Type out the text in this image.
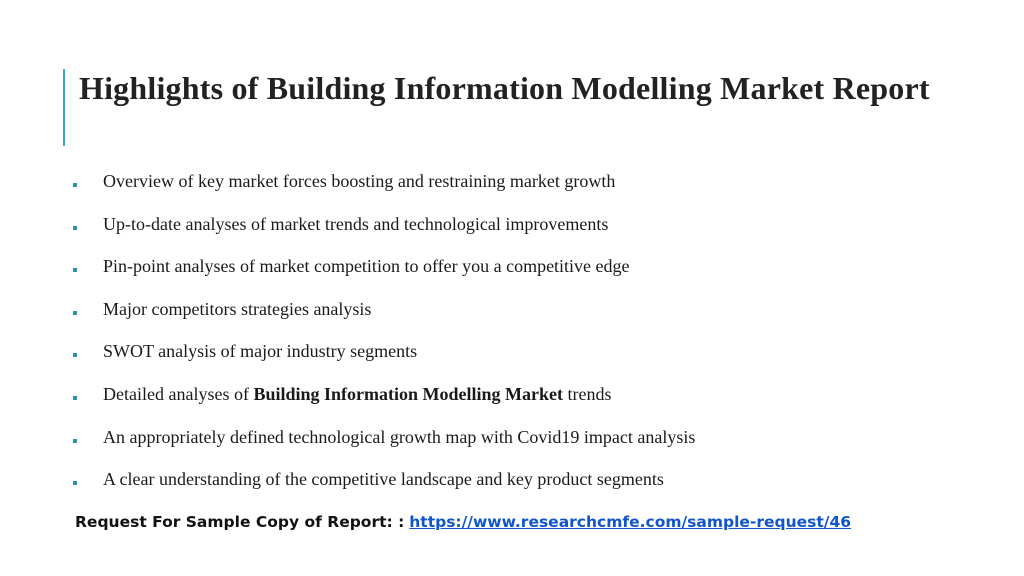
Highlights of Building Information Modelling Market Report
Overview of key market forces boosting and restraining market growth
Up-to-date analyses of market trends and technological improvements
Pin-point analyses of market competition to offer you a competitive edge
Major competitors strategies analysis
SWOT analysis of major industry segments
Detailed analyses of Building Information Modelling Market trends
An appropriately defined technological growth map with Covid19 impact analysis
A clear understanding of the competitive landscape and key product segments
Request For Sample Copy of Report: : https://www.researchcmfe.com/sample-request/46
